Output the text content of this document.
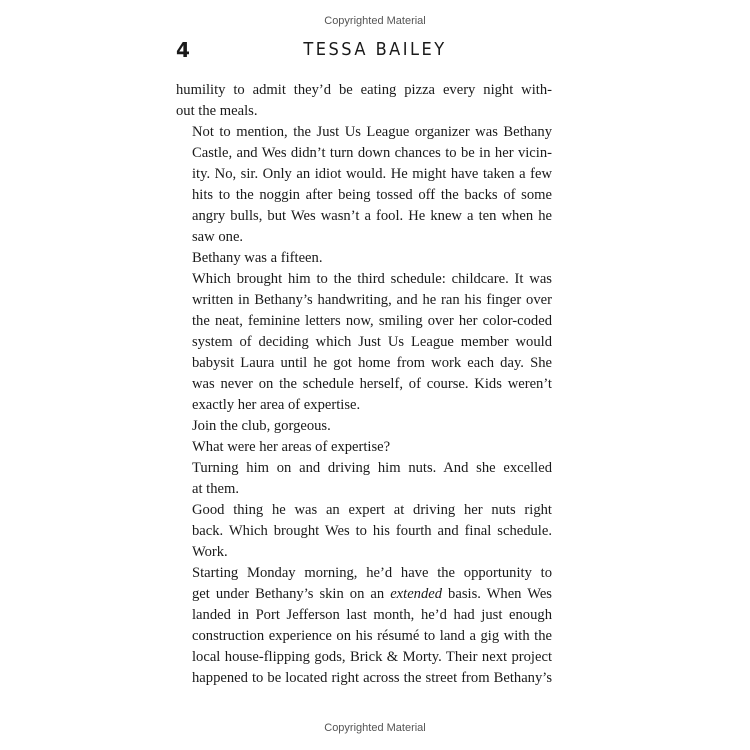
Copyrighted Material
4	TESSA BAILEY

humility to admit they’d be eating pizza every night with-
out the meals.

Not to mention, the Just Us League organizer was Bethany
Castle, and Wes didn’t turn down chances to be in her vicin-
ity. No, sir. Only an idiot would. He might have taken a few
hits to the noggin after being tossed off the backs of some
angry bulls, but Wes wasn’t a fool. He knew a ten when he
saw one.

Bethany was a fifteen.

Which brought him to the third schedule: childcare. It was
written in Bethany’s handwriting, and he ran his finger over
the neat, feminine letters now, smiling over her color-coded
system of deciding which Just Us League member would
babysit Laura until he got home from work each day. She
was never on the schedule herself, of course. Kids weren’t
exactly her area of expertise.

Join the club, gorgeous.

What were her areas of expertise?

Turning him on and driving him nuts. And she excelled
at them.

Good thing he was an expert at driving her nuts right
back. Which brought Wes to his fourth and final schedule.
Work.

Starting Monday morning, he’d have the opportunity to
get under Bethany’s skin on an extended basis. When Wes
landed in Port Jefferson last month, he’d had just enough
construction experience on his résumé to land a gig with the
local house-flipping gods, Brick & Morty. Their next project
happened to be located right across the street from Bethany’s

Copyrighted Material
